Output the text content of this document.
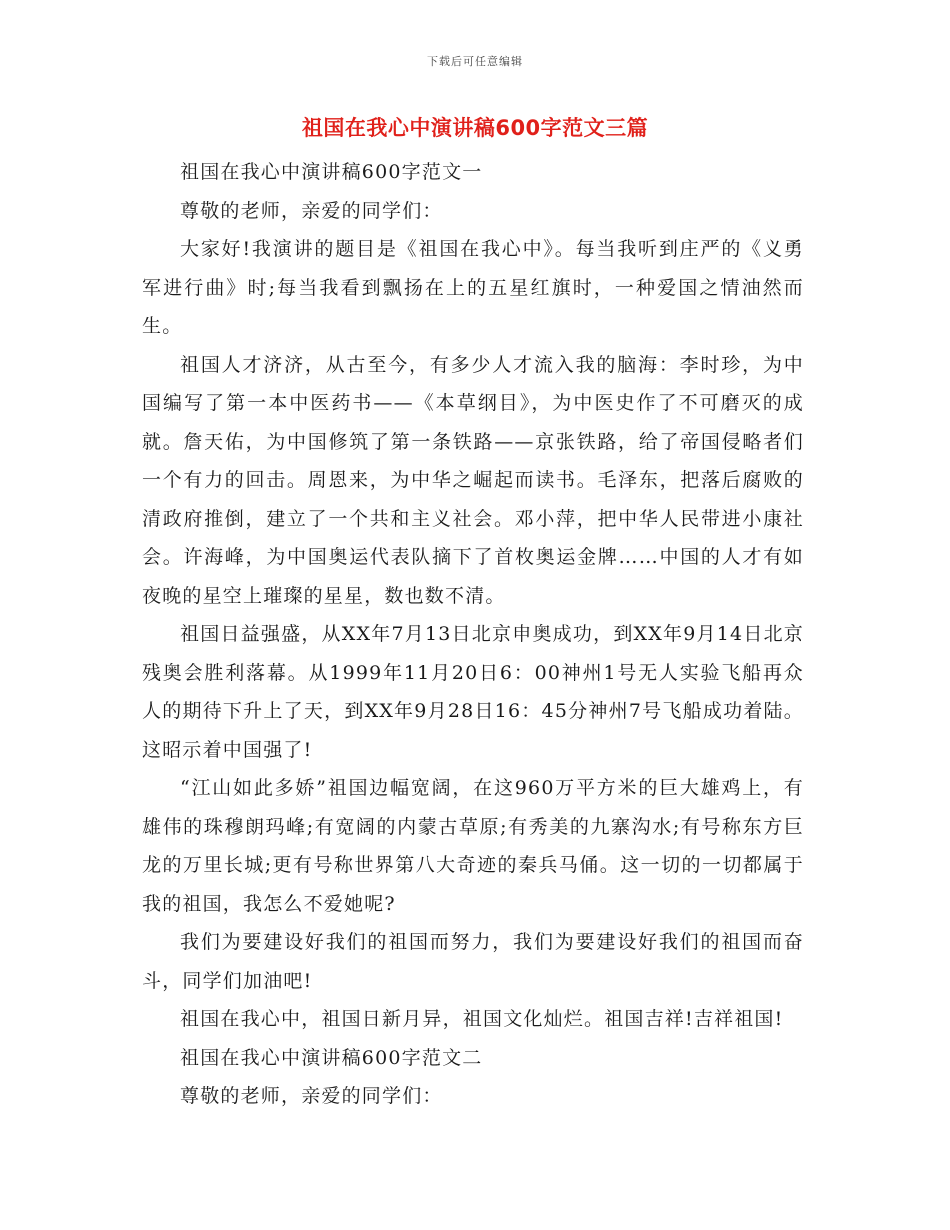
下载后可任意编辑
祖国在我心中演讲稿600字范文三篇

祖国在我心中演讲稿600字范文一

尊敬的老师，亲爱的同学们：

大家好!我演讲的题目是《祖国在我心中》。每当我听到庄严的《义勇军进行曲》时;每当我看到飘扬在上的五星红旗时，一种爱国之情油然而生。

祖国人才济济，从古至今，有多少人才流入我的脑海：李时珍，为中国编写了第一本中医药书——《本草纲目》，为中医史作了不可磨灭的成就。詹天佑，为中国修筑了第一条铁路——京张铁路，给了帝国侵略者们一个有力的回击。周恩来，为中华之崛起而读书。毛泽东，把落后腐败的清政府推倒，建立了一个共和主义社会。邓小萍，把中华人民带进小康社会。许海峰，为中国奥运代表队摘下了首枚奥运金牌……中国的人才有如夜晚的星空上璀璨的星星，数也数不清。

祖国日益强盛，从XX年7月13日北京申奥成功，到XX年9月14日北京残奥会胜利落幕。从1999年11月20日6：00神州1号无人实验飞船再众人的期待下升上了天，到XX年9月28日16：45分神州7号飞船成功着陆。这昭示着中国强了!

“江山如此多娇”祖国边幅宽阔，在这960万平方米的巨大雄鸡上，有雄伟的珠穆朗玛峰;有宽阔的内蒙古草原;有秀美的九寨沟水;有号称东方巨龙的万里长城;更有号称世界第八大奇迹的秦兵马俑。这一切的一切都属于我的祖国，我怎么不爱她呢?

我们为要建设好我们的祖国而努力，我们为要建设好我们的祖国而奋斗，同学们加油吧!

祖国在我心中，祖国日新月异，祖国文化灿烂。祖国吉祥!吉祥祖国!

祖国在我心中演讲稿600字范文二

尊敬的老师，亲爱的同学们：
